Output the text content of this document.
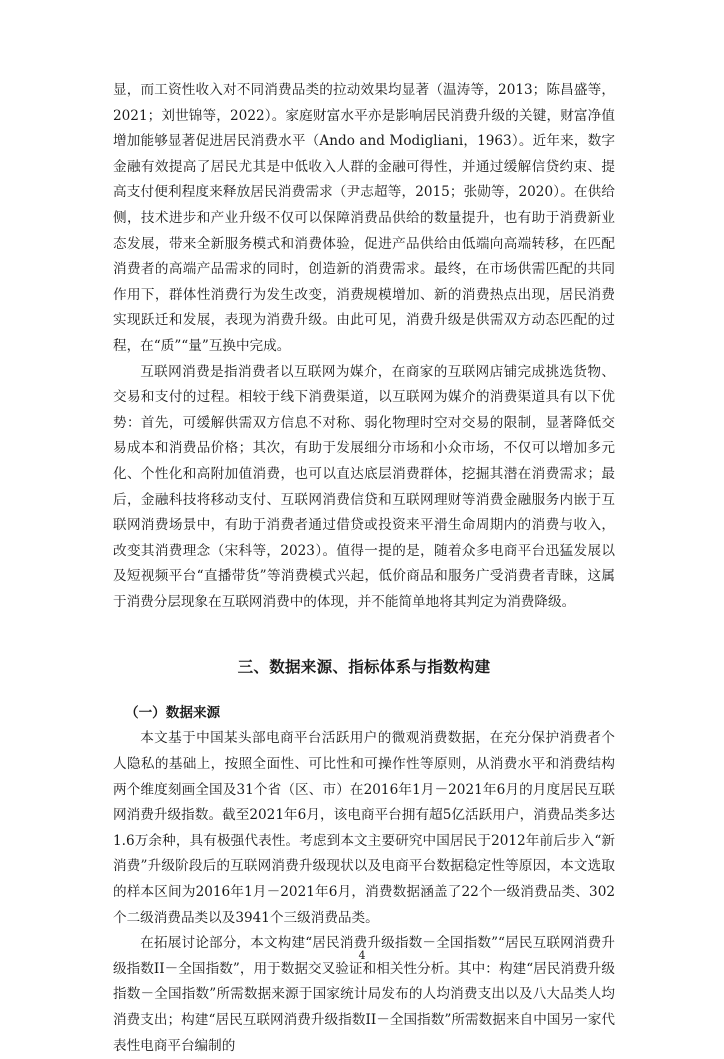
显，而工资性收入对不同消费品类的拉动效果均显著（温涛等，2013；陈昌盛等，2021；刘世锦等，2022）。家庭财富水平亦是影响居民消费升级的关键，财富净值增加能够显著促进居民消费水平（Ando and Modigliani，1963）。近年来，数字金融有效提高了居民尤其是中低收入人群的金融可得性，并通过缓解信贷约束、提高支付便利程度来释放居民消费需求（尹志超等，2015；张勋等，2020）。在供给侧，技术进步和产业升级不仅可以保障消费品供给的数量提升，也有助于消费新业态发展，带来全新服务模式和消费体验，促进产品供给由低端向高端转移，在匹配消费者的高端产品需求的同时，创造新的消费需求。最终，在市场供需匹配的共同作用下，群体性消费行为发生改变，消费规模增加、新的消费热点出现，居民消费实现跃迁和发展，表现为消费升级。由此可见，消费升级是供需双方动态匹配的过程，在“质”“量”互换中完成。

互联网消费是指消费者以互联网为媒介，在商家的互联网店铺完成挑选货物、交易和支付的过程。相较于线下消费渠道，以互联网为媒介的消费渠道具有以下优势：首先，可缓解供需双方信息不对称、弱化物理时空对交易的限制，显著降低交易成本和消费品价格；其次，有助于发展细分市场和小众市场，不仅可以增加多元化、个性化和高附加值消费，也可以直达底层消费群体，挖掘其潜在消费需求；最后，金融科技将移动支付、互联网消费信贷和互联网理财等消费金融服务内嵌于互联网消费场景中，有助于消费者通过借贷或投资来平滑生命周期内的消费与收入，改变其消费理念（宋科等，2023）。值得一提的是，随着众多电商平台迅猛发展以及短视频平台“直播带货”等消费模式兴起，低价商品和服务广受消费者青睐，这属于消费分层现象在互联网消费中的体现，并不能简单地将其判定为消费降级。

三、数据来源、指标体系与指数构建
（一）数据来源

本文基于中国某头部电商平台活跃用户的微观消费数据，在充分保护消费者个人隐私的基础上，按照全面性、可比性和可操作性等原则，从消费水平和消费结构两个维度刻画全国及31个省（区、市）在2016年1月－2021年6月的月度居民互联网消费升级指数。截至2021年6月，该电商平台拥有超5亿活跃用户，消费品类多达1.6万余种，具有极强代表性。考虑到本文主要研究中国居民于2012年前后步入“新消费”升级阶段后的互联网消费升级现状以及电商平台数据稳定性等原因，本文选取的样本区间为2016年1月－2021年6月，消费数据涵盖了22个一级消费品类、302个二级消费品类以及3941个三级消费品类。

在拓展讨论部分，本文构建“居民消费升级指数－全国指数”“居民互联网消费升级指数II－全国指数”，用于数据交叉验证和相关性分析。其中：构建“居民消费升级指数－全国指数”所需数据来源于国家统计局发布的人均消费支出以及八大品类人均消费支出；构建“居民互联网消费升级指数II－全国指数”所需数据来自中国另一家代表性电商平台编制的

4
